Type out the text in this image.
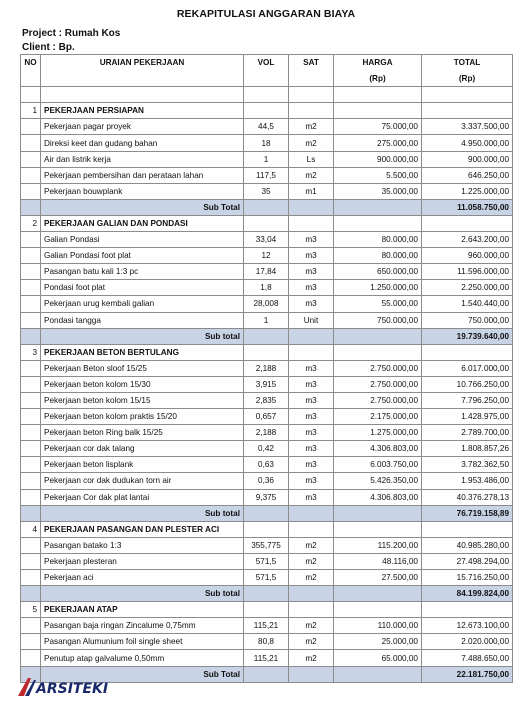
REKAPITULASI ANGGARAN BIAYA
Project : Rumah Kos
Client : Bp.
NO	URAIAN PEKERJAAN	VOL	SAT	HARGA	TOTAL
				(Rp)	(Rp)

1	PEKERJAAN PERSIAPAN				
	Pekerjaan pagar proyek	44,5	m2	75.000,00	3.337.500,00
	Direksi keet dan gudang bahan	18	m2	275.000,00	4.950.000,00
	Air dan listrik kerja	1	Ls	900.000,00	900.000,00
	Pekerjaan pembersihan dan perataan lahan	117,5	m2	5.500,00	646.250,00
	Pekerjaan bouwplank	35	m1	35.000,00	1.225.000,00
	Sub Total				11.058.750,00
2	PEKERJAAN GALIAN DAN PONDASI				
	Galian Pondasi	33,04	m3	80.000,00	2.643.200,00
	Galian Pondasi foot plat	12	m3	80.000,00	960.000,00
	Pasangan batu kali 1:3 pc	17,84	m3	650.000,00	11.596.000,00
	Pondasi foot plat	1,8	m3	1.250.000,00	2.250.000,00
	Pekerjaan urug kembali galian	28,008	m3	55.000,00	1.540.440,00
	Pondasi tangga	1	Unit	750.000,00	750.000,00
	Sub total				19.739.640,00
3	PEKERJAAN BETON BERTULANG				
	Pekerjaan Beton sloof 15/25	2,188	m3	2.750.000,00	6.017.000,00
	Pekerjaan beton kolom 15/30	3,915	m3	2.750.000,00	10.766.250,00
	Pekerjaan beton kolom 15/15	2,835	m3	2.750.000,00	7.796.250,00
	Pekerjaan beton kolom praktis 15/20	0,657	m3	2.175.000,00	1.428.975,00
	Pekerjaan beton Ring balk 15/25	2,188	m3	1.275.000,00	2.789.700,00
	Pekerjaan cor dak talang	0,42	m3	4.306.803,00	1.808.857,26
	Pekerjaan beton lisplank	0,63	m3	6.003.750,00	3.782.362,50
	Pekerjaan cor dak dudukan torn air	0,36	m3	5.426.350,00	1.953.486,00
	Pekerjaan Cor dak plat lantai	9,375	m3	4.306.803,00	40.376.278,13
	Sub total				76.719.158,89
4	PEKERJAAN PASANGAN DAN PLESTER ACI				
	Pasangan batako 1:3	355,775	m2	115.200,00	40.985.280,00
	Pekerjaan plesteran	571,5	m2	48.116,00	27.498.294,00
	Pekerjaan aci	571,5	m2	27.500,00	15.716.250,00
	Sub total				84.199.824,00
5	PEKERJAAN ATAP				
	Pasangan baja ringan Zincalume 0,75mm	115,21	m2	110.000,00	12.673.100,00
	Pasangan Alumunium foil single sheet	80,8	m2	25.000,00	2.020.000,00
	Penutup atap galvalume 0,50mm	115,21	m2	65.000,00	7.488.650,00
	Sub Total				22.181.750,00
ARSITEKI
